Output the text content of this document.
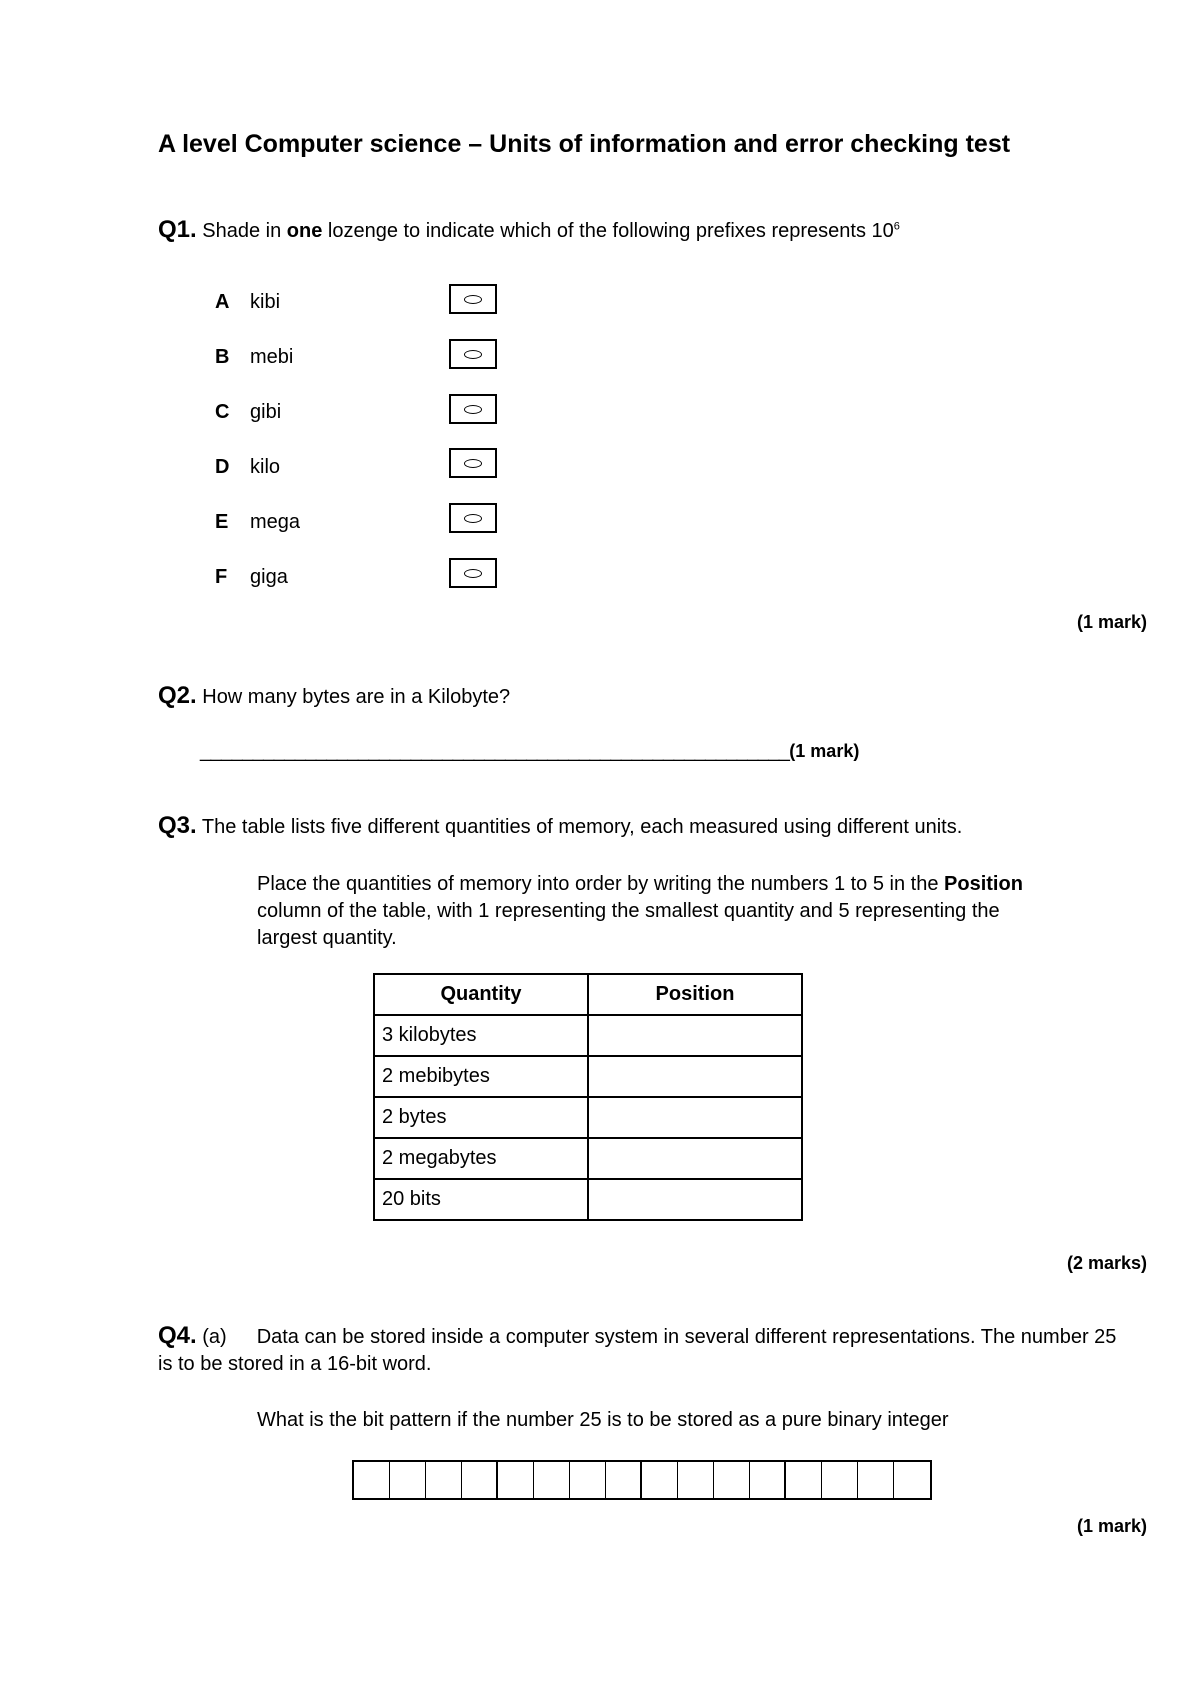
A level Computer science – Units of information and error checking test
Q1. Shade in one lozenge to indicate which of the following prefixes represents $10^6$
A kibi
B mebi
C gibi
D kilo
E mega
F giga
(1 mark)
Q2. How many bytes are in a Kilobyte?
________________________________________________________(1 mark)
Q3. The table lists five different quantities of memory, each measured using different units.
Place the quantities of memory into order by writing the numbers 1 to 5 in the Position column of the table, with 1 representing the smallest quantity and 5 representing the largest quantity.
Quantity	Position
3 kilobytes	
2 mebibytes	
2 bytes	
2 megabytes	
20 bits	
(2 marks)
Q4. (a) Data can be stored inside a computer system in several different representations. The number 25 is to be stored in a 16-bit word.
What is the bit pattern if the number 25 is to be stored as a pure binary integer
(1 mark)
